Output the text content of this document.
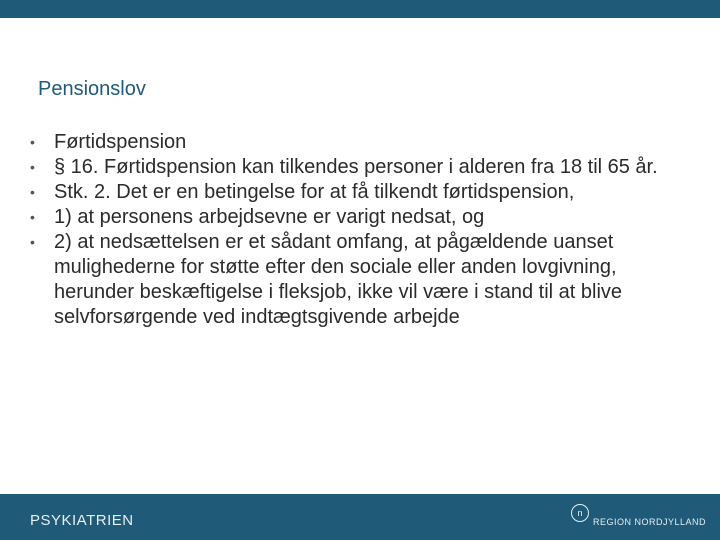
Pensionslov
• Førtidspension
• § 16. Førtidspension kan tilkendes personer i alderen fra 18 til 65 år.
• Stk. 2. Det er en betingelse for at få tilkendt førtidspension,
• 1) at personens arbejdsevne er varigt nedsat, og
• 2) at nedsættelsen er et sådant omfang, at pågældende uanset mulighederne for støtte efter den sociale eller anden lovgivning, herunder beskæftigelse i fleksjob, ikke vil være i stand til at blive selvforsørgende ved indtægtsgivende arbejde
PSYKIATRIEN	n
REGION NORDJYLLAND
